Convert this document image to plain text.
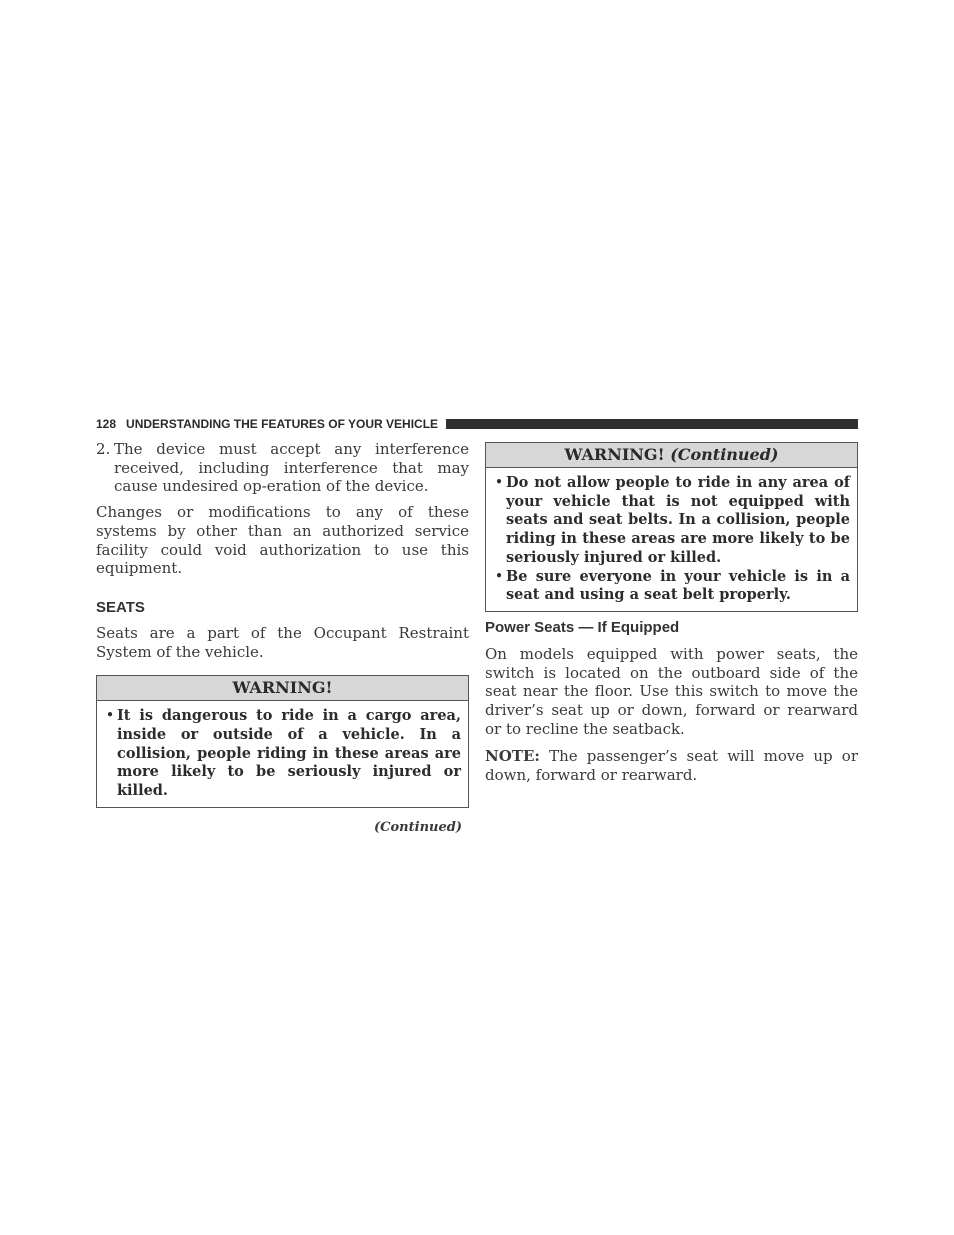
128 UNDERSTANDING THE FEATURES OF YOUR VEHICLE
2. The device must accept any interference received, including interference that may cause undesired op-eration of the device.

Changes or modifications to any of these systems by other than an authorized service facility could void authorization to use this equipment.

SEATS

Seats are a part of the Occupant Restraint System of the vehicle.

WARNING!
• It is dangerous to ride in a cargo area, inside or outside of a vehicle. In a collision, people riding in these areas are more likely to be seriously injured or killed.
(Continued)
WARNING! (Continued)
• Do not allow people to ride in any area of your vehicle that is not equipped with seats and seat belts. In a collision, people riding in these areas are more likely to be seriously injured or killed.
• Be sure everyone in your vehicle is in a seat and using a seat belt properly.
Power Seats — If Equipped

On models equipped with power seats, the switch is located on the outboard side of the seat near the floor. Use this switch to move the driver’s seat up or down, forward or rearward or to recline the seatback.

NOTE: The passenger’s seat will move up or down, forward or rearward.
